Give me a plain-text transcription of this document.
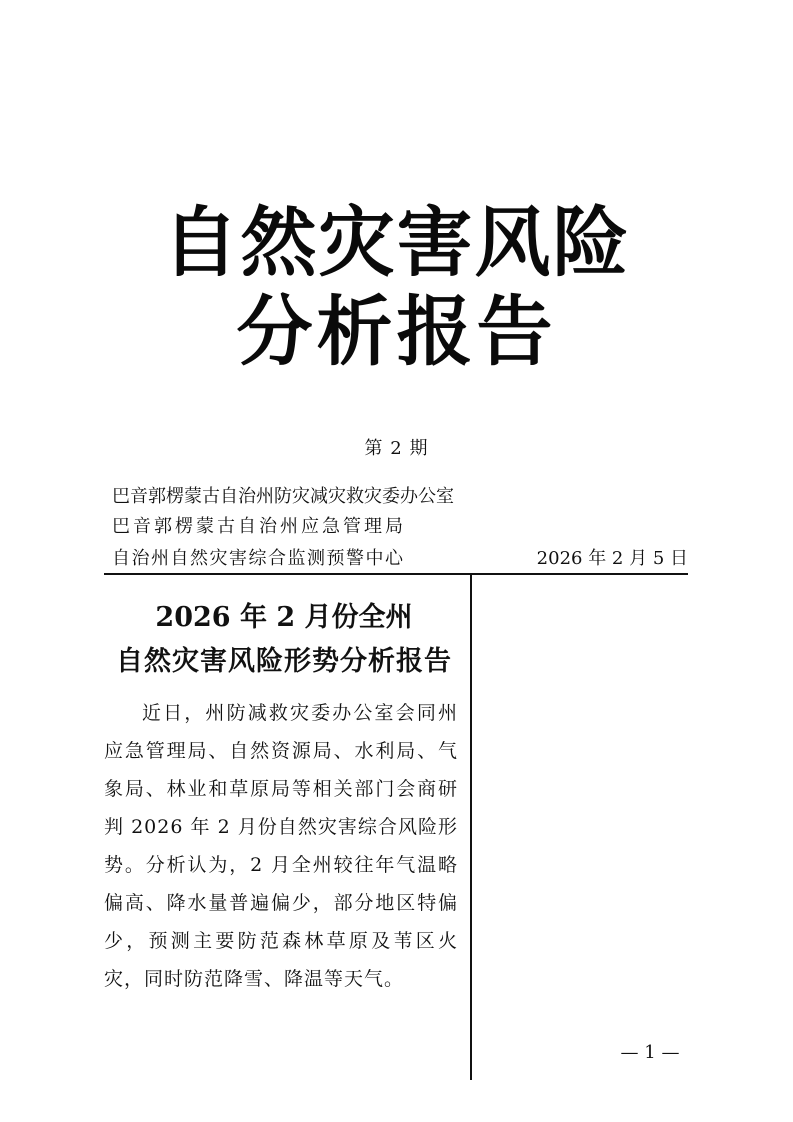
自然灾害风险
分析报告
第 2 期
巴音郭楞蒙古自治州防灾减灾救灾委办公室
巴音郭楞蒙古自治州应急管理局
自治州自然灾害综合监测预警中心	2026 年 2 月 5 日
2026 年 2 月份全州
自然灾害风险形势分析报告

近日，州防减救灾委办公室会同州应急管理局、自然资源局、水利局、气象局、林业和草原局等相关部门会商研判 2026 年 2 月份自然灾害综合风险形势。分析认为，2 月全州较往年气温略偏高、降水量普遍偏少，部分地区特偏少，预测主要防范森林草原及苇区火灾，同时防范降雪、降温等天气。

— 1 —
